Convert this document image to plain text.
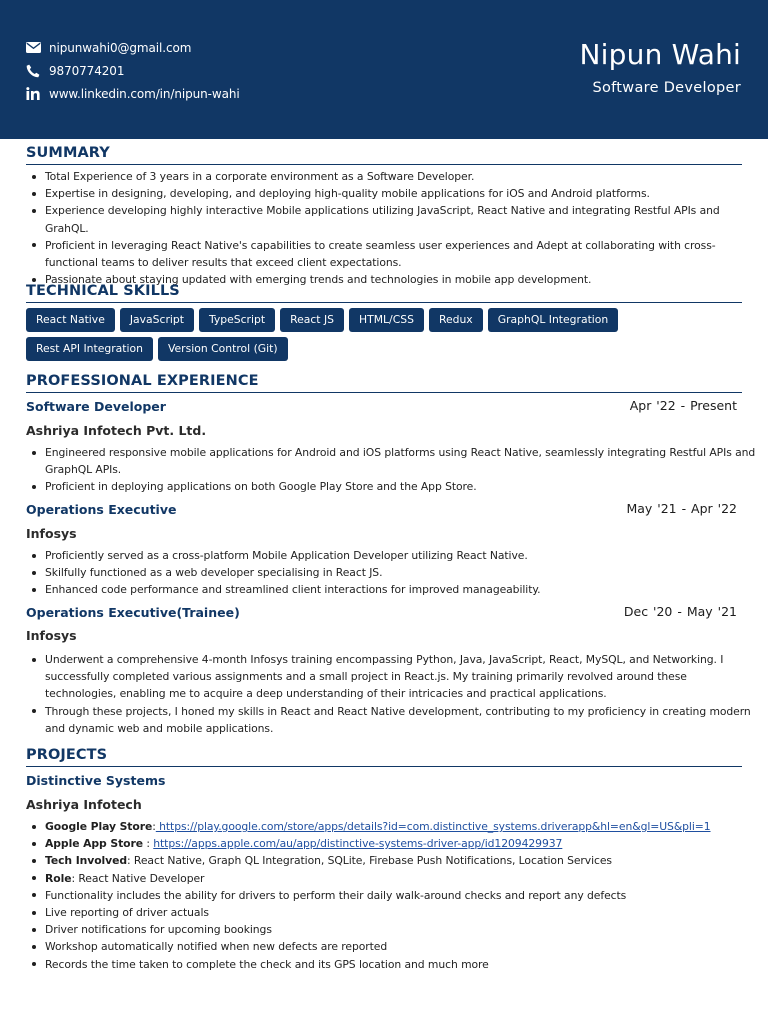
nipunwahi0@gmail.com
9870774201
www.linkedin.com/in/nipun-wahi
Nipun Wahi
Software Developer
SUMMARY
Total Experience of 3 years in a corporate environment as a Software Developer.
Expertise in designing, developing, and deploying high-quality mobile applications for iOS and Android platforms.
Experience developing highly interactive Mobile applications utilizing JavaScript, React Native and integrating Restful APIs and GrahQL.
Proficient in leveraging React Native's capabilities to create seamless user experiences and Adept at collaborating with cross-functional teams to deliver results that exceed client expectations.
Passionate about staying updated with emerging trends and technologies in mobile app development.
TECHNICAL SKILLS
React Native	JavaScript	TypeScript	React JS	HTML/CSS	Redux	GraphQL Integration
Rest API Integration	Version Control (Git)
PROFESSIONAL EXPERIENCE
Software Developer	Apr '22 - Present
Ashriya Infotech Pvt. Ltd.
Engineered responsive mobile applications for Android and iOS platforms using React Native, seamlessly integrating Restful APIs and GraphQL APIs.
Proficient in deploying applications on both Google Play Store and the App Store.
Operations Executive	May '21 - Apr '22
Infosys
Proficiently served as a cross-platform Mobile Application Developer utilizing React Native.
Skilfully functioned as a web developer specialising in React JS.
Enhanced code performance and streamlined client interactions for improved manageability.
Operations Executive(Trainee)	Dec '20 - May '21
Infosys
Underwent a comprehensive 4-month Infosys training encompassing Python, Java, JavaScript, React, MySQL, and Networking. I successfully completed various assignments and a small project in React.js. My training primarily revolved around these technologies, enabling me to acquire a deep understanding of their intricacies and practical applications.
Through these projects, I honed my skills in React and React Native development, contributing to my proficiency in creating modern and dynamic web and mobile applications.
PROJECTS
Distinctive Systems
Ashriya Infotech
Google Play Store: https://play.google.com/store/apps/details?id=com.distinctive_systems.driverapp&hl=en&gl=US&pli=1
Apple App Store : https://apps.apple.com/au/app/distinctive-systems-driver-app/id1209429937
Tech Involved: React Native, Graph QL Integration, SQLite, Firebase Push Notifications, Location Services
Role: React Native Developer
Functionality includes the ability for drivers to perform their daily walk-around checks and report any defects
Live reporting of driver actuals
Driver notifications for upcoming bookings
Workshop automatically notified when new defects are reported
Records the time taken to complete the check and its GPS location and much more
